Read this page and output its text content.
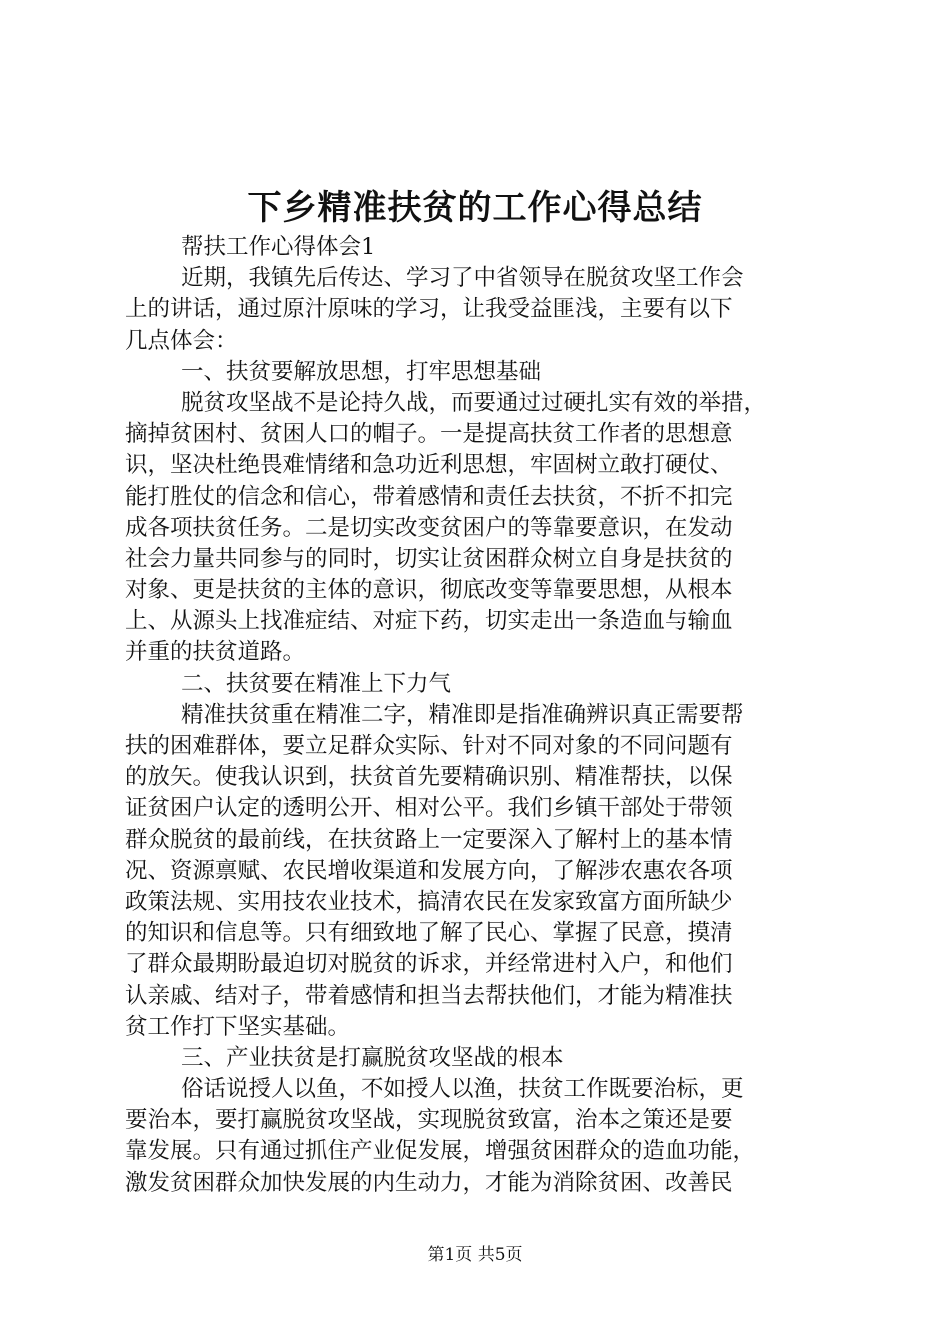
下乡精准扶贫的工作心得总结
帮扶工作心得体会1
近期，我镇先后传达、学习了中省领导在脱贫攻坚工作会
上的讲话，通过原汁原味的学习，让我受益匪浅，主要有以下
几点体会：
一、扶贫要解放思想，打牢思想基础
脱贫攻坚战不是论持久战，而要通过过硬扎实有效的举措，
摘掉贫困村、贫困人口的帽子。一是提高扶贫工作者的思想意
识，坚决杜绝畏难情绪和急功近利思想，牢固树立敢打硬仗、
能打胜仗的信念和信心，带着感情和责任去扶贫，不折不扣完
成各项扶贫任务。二是切实改变贫困户的等靠要意识，在发动
社会力量共同参与的同时，切实让贫困群众树立自身是扶贫的
对象、更是扶贫的主体的意识，彻底改变等靠要思想，从根本
上、从源头上找准症结、对症下药，切实走出一条造血与输血
并重的扶贫道路。
二、扶贫要在精准上下力气
精准扶贫重在精准二字，精准即是指准确辨识真正需要帮
扶的困难群体，要立足群众实际、针对不同对象的不同问题有
的放矢。使我认识到，扶贫首先要精确识别、精准帮扶，以保
证贫困户认定的透明公开、相对公平。我们乡镇干部处于带领
群众脱贫的最前线，在扶贫路上一定要深入了解村上的基本情
况、资源禀赋、农民增收渠道和发展方向，了解涉农惠农各项
政策法规、实用技农业技术，搞清农民在发家致富方面所缺少
的知识和信息等。只有细致地了解了民心、掌握了民意，摸清
了群众最期盼最迫切对脱贫的诉求，并经常进村入户，和他们
认亲戚、结对子，带着感情和担当去帮扶他们，才能为精准扶
贫工作打下坚实基础。
三、产业扶贫是打赢脱贫攻坚战的根本
俗话说授人以鱼，不如授人以渔，扶贫工作既要治标，更
要治本，要打赢脱贫攻坚战，实现脱贫致富，治本之策还是要
靠发展。只有通过抓住产业促发展，增强贫困群众的造血功能，
激发贫困群众加快发展的内生动力，才能为消除贫困、改善民
第1页 共5页
